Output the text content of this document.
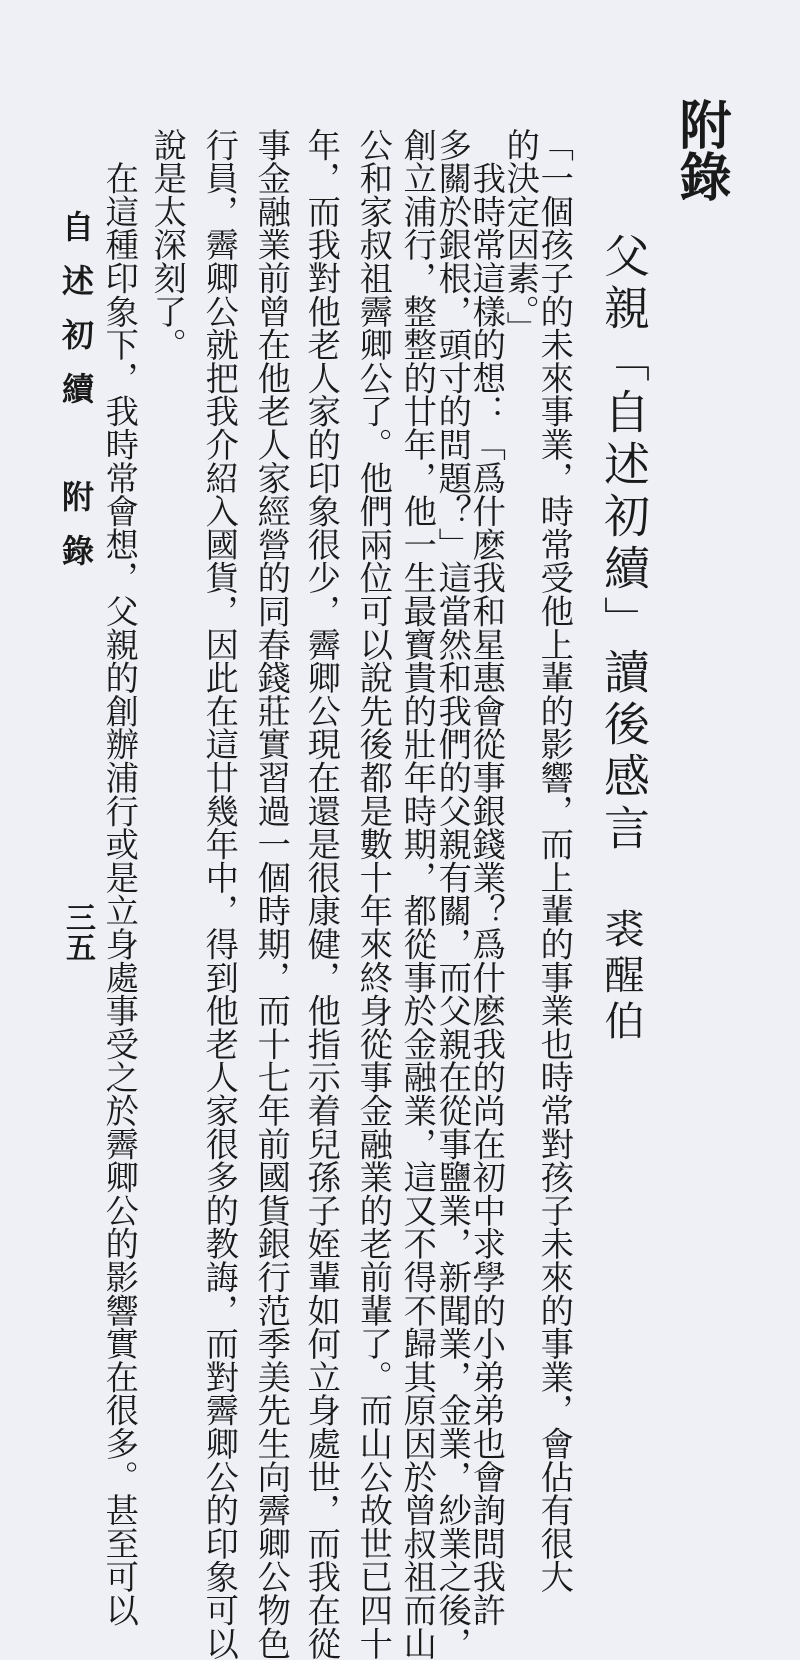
附錄
父親「自述初續」讀後感言
裘醒伯
「一個孩子的未來事業，時常受他上輩的影響，而上輩的事業也時常對孩子未來的事業，會佔有很大
的決定因素。」
　我時常這樣的想：「爲什麽我和星惠會從事銀錢業？爲什麽我的尚在初中求學的小弟弟也會詢問我許
多關於銀根，頭寸的問題？」這當然和我們的父親有關，而父親在從事鹽業，新聞業，金業，紗業之後，
創立浦行，整整的廿年，他一生最寶貴的壯年時期，都從事於金融業，這又不得不歸其原因於曾叔祖而山
公和家叔祖霽卿公了。他們兩位可以說先後都是數十年來終身從事金融業的老前輩了。而山公故世已四十
年，而我對他老人家的印象很少，霽卿公現在還是很康健，他指示着兒孫子姪輩如何立身處世，而我在從
事金融業前曾在他老人家經營的同春錢莊實習過一個時期，而十七年前國貨銀行范季美先生向霽卿公物色
行員，霽卿公就把我介紹入國貨，因此在這廿幾年中，得到他老人家很多的教誨，而對霽卿公的印象可以
說是太深刻了。
　在這種印象下，我時常會想，父親的創辦浦行或是立身處事受之於霽卿公的影響實在很多。甚至可以
自述初續　附錄
三五
